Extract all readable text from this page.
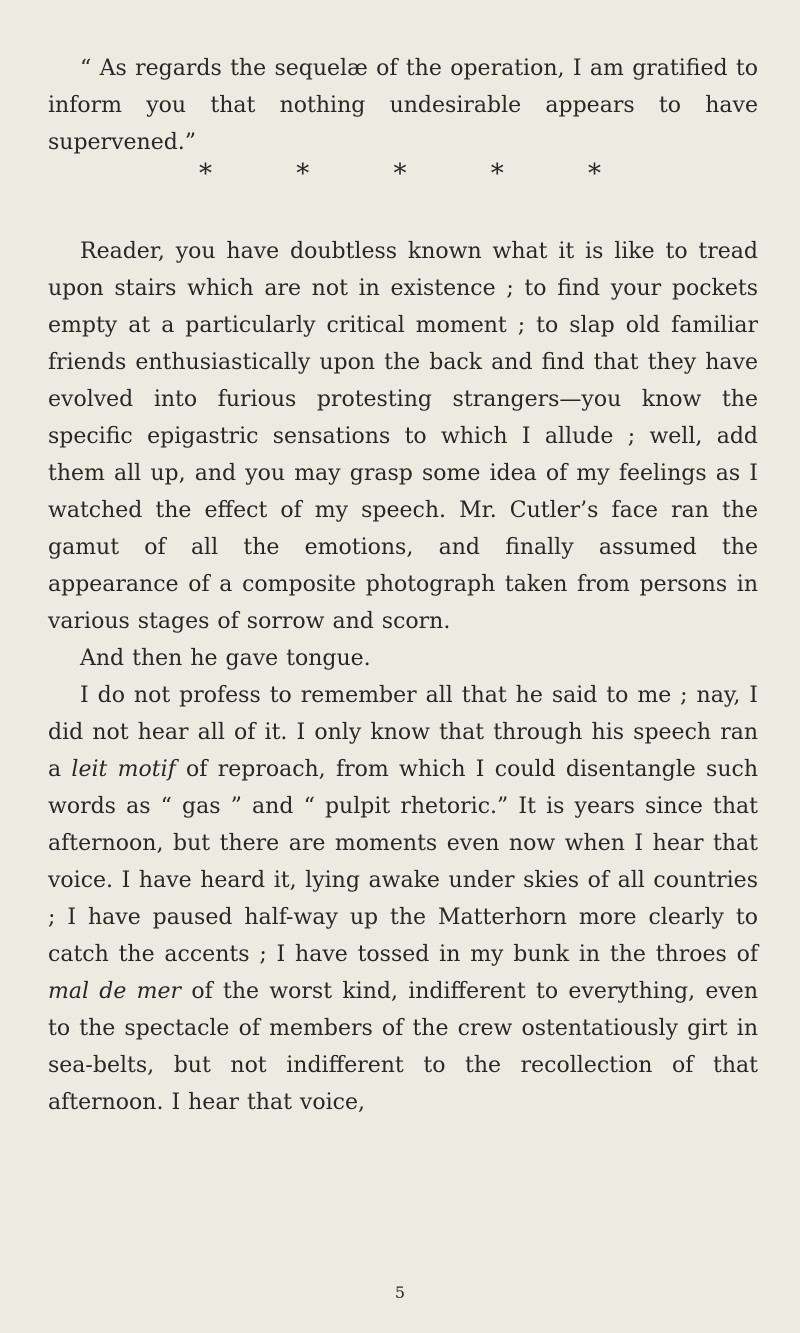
“ As regards the sequelæ of the operation, I am gratified to inform you that nothing undesirable appears to have supervened.”

* * * * *

Reader, you have doubtless known what it is like to tread upon stairs which are not in existence ; to find your pockets empty at a particularly critical moment ; to slap old familiar friends enthusiastically upon the back and find that they have evolved into furious protesting strangers—you know the specific epigastric sensations to which I allude ; well, add them all up, and you may grasp some idea of my feelings as I watched the effect of my speech. Mr. Cutler’s face ran the gamut of all the emotions, and finally assumed the appearance of a composite photograph taken from persons in various stages of sorrow and scorn.

And then he gave tongue.

I do not profess to remember all that he said to me ; nay, I did not hear all of it. I only know that through his speech ran a leit motif of reproach, from which I could disentangle such words as “ gas ” and “ pulpit rhetoric.” It is years since that afternoon, but there are moments even now when I hear that voice. I have heard it, lying awake under skies of all countries ; I have paused half-way up the Matterhorn more clearly to catch the accents ; I have tossed in my bunk in the throes of mal de mer of the worst kind, indifferent to everything, even to the spectacle of members of the crew ostentatiously girt in sea-belts, but not indifferent to the recollection of that afternoon. I hear that voice,

5
